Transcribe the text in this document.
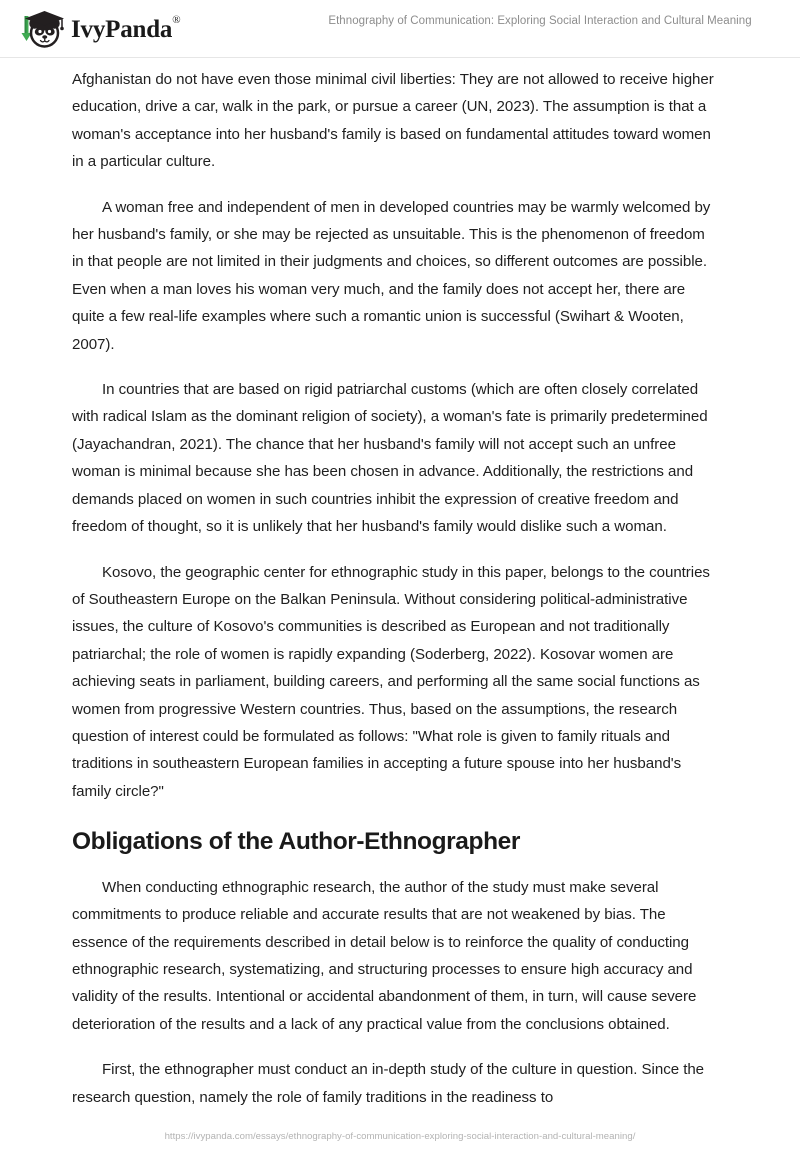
IvyPanda®	Ethnography of Communication: Exploring Social Interaction and Cultural Meaning

Afghanistan do not have even those minimal civil liberties: They are not allowed to receive higher education, drive a car, walk in the park, or pursue a career (UN, 2023). The assumption is that a woman's acceptance into her husband's family is based on fundamental attitudes toward women in a particular culture.

A woman free and independent of men in developed countries may be warmly welcomed by her husband's family, or she may be rejected as unsuitable. This is the phenomenon of freedom in that people are not limited in their judgments and choices, so different outcomes are possible. Even when a man loves his woman very much, and the family does not accept her, there are quite a few real-life examples where such a romantic union is successful (Swihart & Wooten, 2007).

In countries that are based on rigid patriarchal customs (which are often closely correlated with radical Islam as the dominant religion of society), a woman's fate is primarily predetermined (Jayachandran, 2021). The chance that her husband's family will not accept such an unfree woman is minimal because she has been chosen in advance. Additionally, the restrictions and demands placed on women in such countries inhibit the expression of creative freedom and freedom of thought, so it is unlikely that her husband's family would dislike such a woman.

Kosovo, the geographic center for ethnographic study in this paper, belongs to the countries of Southeastern Europe on the Balkan Peninsula. Without considering political-administrative issues, the culture of Kosovo's communities is described as European and not traditionally patriarchal; the role of women is rapidly expanding (Soderberg, 2022). Kosovar women are achieving seats in parliament, building careers, and performing all the same social functions as women from progressive Western countries. Thus, based on the assumptions, the research question of interest could be formulated as follows: "What role is given to family rituals and traditions in southeastern European families in accepting a future spouse into her husband's family circle?"

Obligations of the Author-Ethnographer

When conducting ethnographic research, the author of the study must make several commitments to produce reliable and accurate results that are not weakened by bias. The essence of the requirements described in detail below is to reinforce the quality of conducting ethnographic research, systematizing, and structuring processes to ensure high accuracy and validity of the results. Intentional or accidental abandonment of them, in turn, will cause severe deterioration of the results and a lack of any practical value from the conclusions obtained.

First, the ethnographer must conduct an in-depth study of the culture in question. Since the research question, namely the role of family traditions in the readiness to

https://ivypanda.com/essays/ethnography-of-communication-exploring-social-interaction-and-cultural-meaning/
